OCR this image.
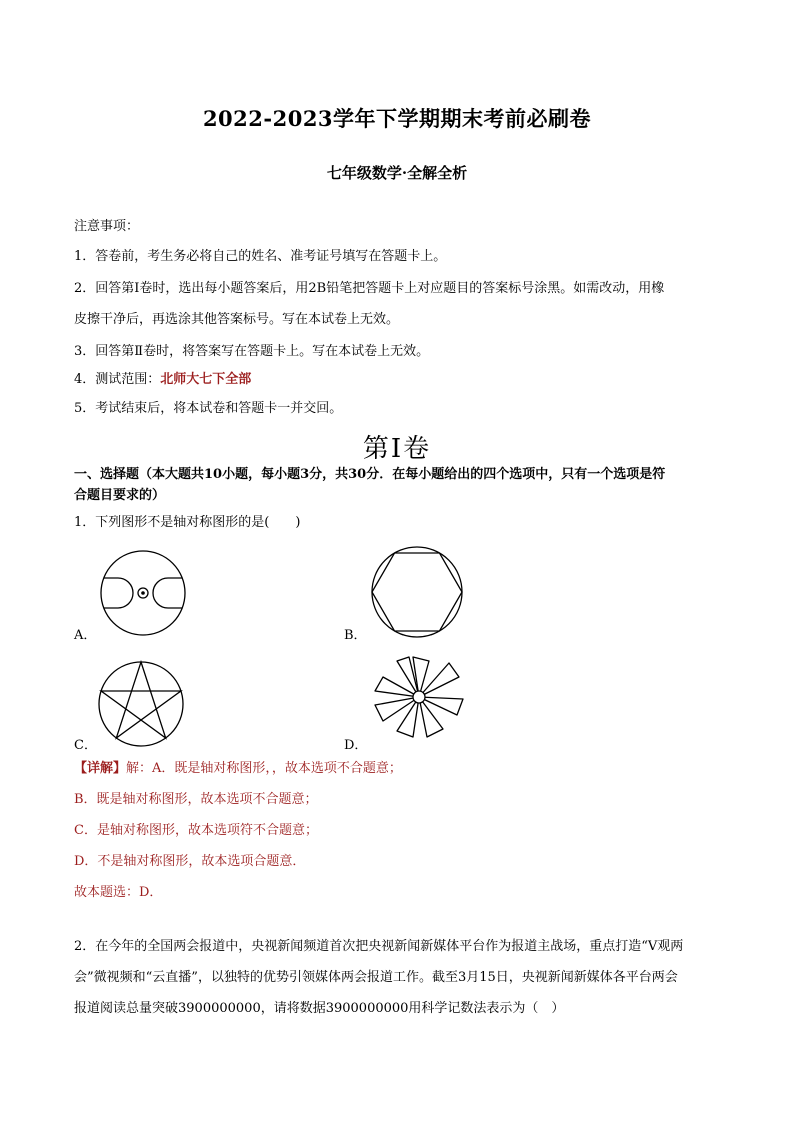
2022-2023学年下学期期末考前必刷卷
七年级数学·全解全析
注意事项：
1．答卷前，考生务必将自己的姓名、准考证号填写在答题卡上。
2．回答第Ⅰ卷时，选出每小题答案后，用2B铅笔把答题卡上对应题目的答案标号涂黑。如需改动，用橡
皮擦干净后，再选涂其他答案标号。写在本试卷上无效。
3．回答第Ⅱ卷时，将答案写在答题卡上。写在本试卷上无效。
4．测试范围：北师大七下全部
5．考试结束后，将本试卷和答题卡一并交回。
第Ⅰ卷
一、选择题（本大题共10小题，每小题3分，共30分．在每小题给出的四个选项中，只有一个选项是符
合题目要求的）
1．下列图形不是轴对称图形的是(　　)
A．	B．
C．	D．
【详解】解：A．既是轴对称图形，，故本选项不合题意；
B．既是轴对称图形，故本选项不合题意；
C．是轴对称图形，故本选项符不合题意；
D．不是轴对称图形，故本选项合题意．
故本题选：D．
2．在今年的全国两会报道中，央视新闻频道首次把央视新闻新媒体平台作为报道主战场，重点打造“V观两
会”微视频和“云直播”，以独特的优势引领媒体两会报道工作。截至3月15日，央视新闻新媒体各平台两会
报道阅读总量突破3900000000，请将数据3900000000用科学记数法表示为（　）
